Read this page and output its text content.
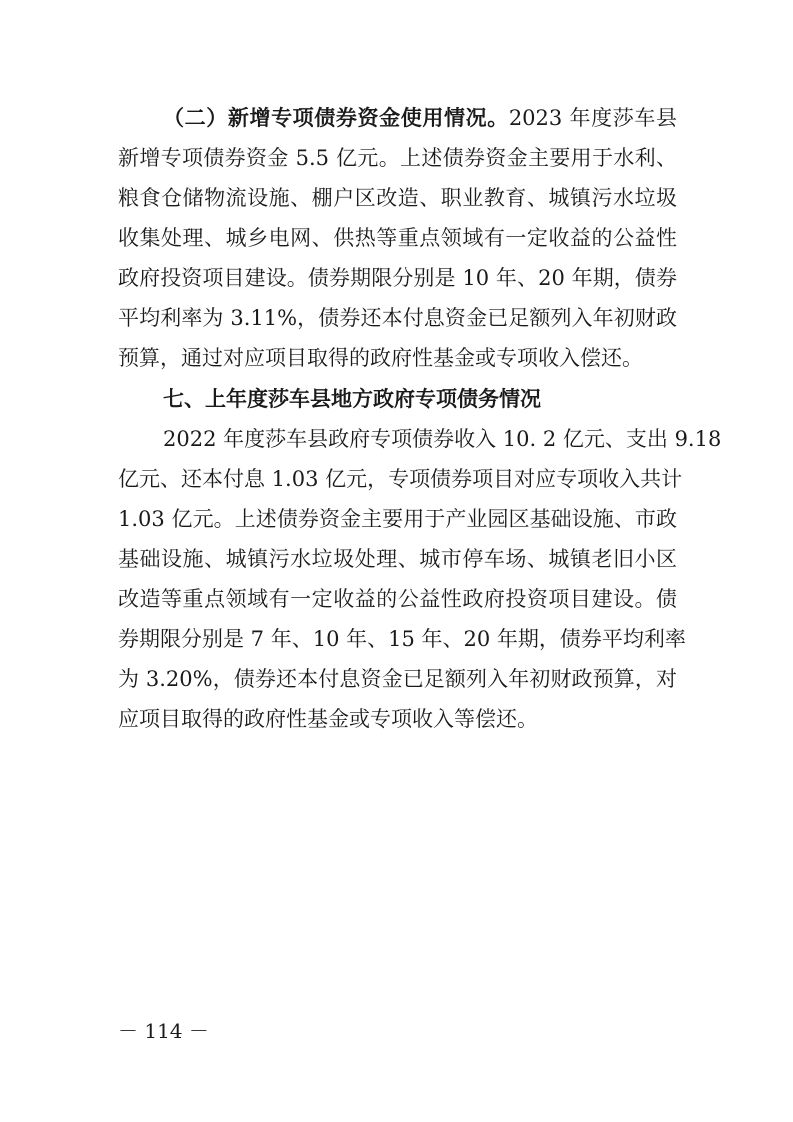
（二）新增专项债券资金使用情况。2023 年度莎车县
新增专项债券资金 5.5 亿元。上述债券资金主要用于水利、
粮食仓储物流设施、棚户区改造、职业教育、城镇污水垃圾
收集处理、城乡电网、供热等重点领域有一定收益的公益性
政府投资项目建设。债券期限分别是 10 年、20 年期，债券
平均利率为 3.11%，债券还本付息资金已足额列入年初财政
预算，通过对应项目取得的政府性基金或专项收入偿还。
七、上年度莎车县地方政府专项债务情况
2022 年度莎车县政府专项债券收入 10. 2 亿元、支出 9.18
亿元、还本付息 1.03 亿元，专项债券项目对应专项收入共计
1.03 亿元。上述债券资金主要用于产业园区基础设施、市政
基础设施、城镇污水垃圾处理、城市停车场、城镇老旧小区
改造等重点领域有一定收益的公益性政府投资项目建设。债
券期限分别是 7 年、10 年、15 年、20 年期，债券平均利率
为 3.20%，债券还本付息资金已足额列入年初财政预算，对
应项目取得的政府性基金或专项收入等偿还。
－ 114 －
